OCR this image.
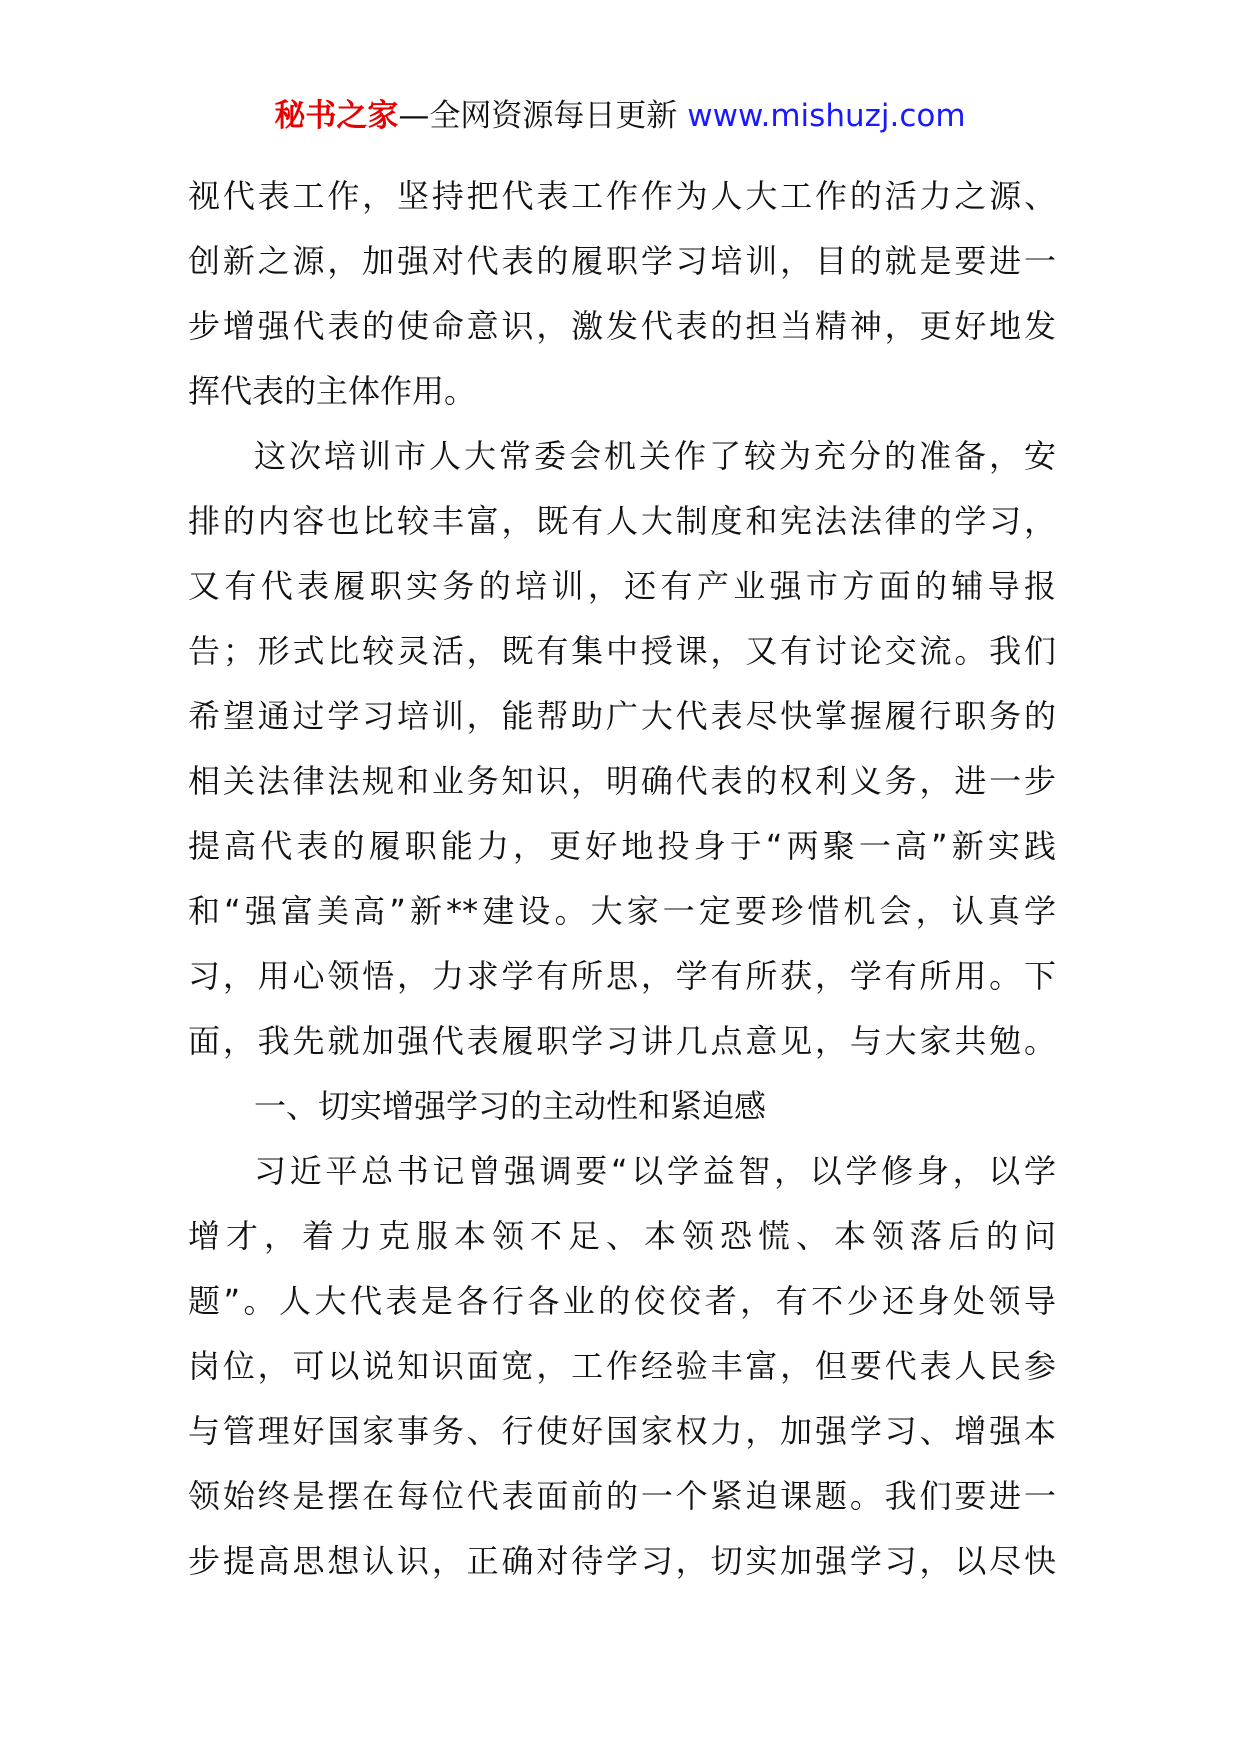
秘书之家—全网资源每日更新 www.mishuzj.com
视代表工作，坚持把代表工作作为人大工作的活力之源、
创新之源，加强对代表的履职学习培训，目的就是要进一
步增强代表的使命意识，激发代表的担当精神，更好地发
挥代表的主体作用。
这次培训市人大常委会机关作了较为充分的准备，安
排的内容也比较丰富，既有人大制度和宪法法律的学习，
又有代表履职实务的培训，还有产业强市方面的辅导报
告；形式比较灵活，既有集中授课，又有讨论交流。我们
希望通过学习培训，能帮助广大代表尽快掌握履行职务的
相关法律法规和业务知识，明确代表的权利义务，进一步
提高代表的履职能力，更好地投身于“两聚一高”新实践
和“强富美高”新**建设。大家一定要珍惜机会，认真学
习，用心领悟，力求学有所思，学有所获，学有所用。下
面，我先就加强代表履职学习讲几点意见，与大家共勉。
一、切实增强学习的主动性和紧迫感
习近平总书记曾强调要“以学益智，以学修身，以学
增才，着力克服本领不足、本领恐慌、本领落后的问
题”。人大代表是各行各业的佼佼者，有不少还身处领导
岗位，可以说知识面宽，工作经验丰富，但要代表人民参
与管理好国家事务、行使好国家权力，加强学习、增强本
领始终是摆在每位代表面前的一个紧迫课题。我们要进一
步提高思想认识，正确对待学习，切实加强学习，以尽快
